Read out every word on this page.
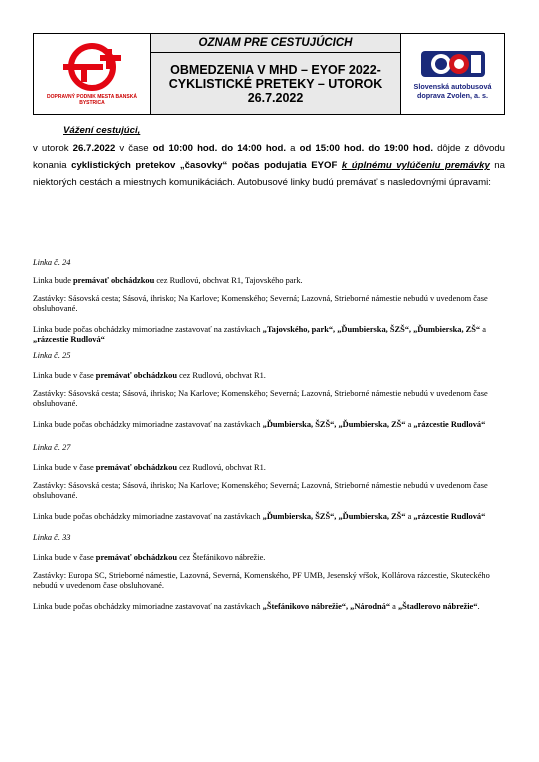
DOPRAVNÝ PODNIK MESTA BANSKÁ BYSTRICA
OZNAM PRE CESTUJÚCICH
OBMEDZENIA V MHD – EYOF 2022- CYKLISTICKÉ PRETEKY – UTOROK 26.7.2022
Slovenská autobusová doprava Zvolen, a. s.
Vážení cestujúci,
v utorok 26.7.2022 v čase od 10:00 hod. do 14:00 hod. a od 15:00 hod. do 19:00 hod. dôjde z dôvodu konania cyklistických pretekov „časovky“ počas podujatia EYOF k úplnému vylúčeniu premávky na niektorých cestách a miestnych komunikáciách. Autobusové linky budú premávať s nasledovnými úpravami:
Linka č. 24
Linka bude premávať obchádzkou cez Rudlovú, obchvat R1, Tajovského park.
Zastávky: Sásovská cesta; Sásová, ihrisko; Na Karlove; Komenského; Severná; Lazovná, Strieborné námestie nebudú v uvedenom čase obsluhované.
Linka bude počas obchádzky mimoriadne zastavovať na zastávkach „Tajovského, park“, „Ďumbierska, ŠZŠ“, „Ďumbierska, ZŠ“ a „rázcestie Rudlová“
Linka č. 25
Linka bude v čase premávať obchádzkou cez Rudlovú, obchvat R1.
Zastávky: Sásovská cesta; Sásová, ihrisko; Na Karlove; Komenského; Severná; Lazovná, Strieborné námestie nebudú v uvedenom čase obsluhované.
Linka bude počas obchádzky mimoriadne zastavovať na zastávkach „Ďumbierska, ŠZŠ“, „Ďumbierska, ZŠ“ a „rázcestie Rudlová“
Linka č. 27
Linka bude v čase premávať obchádzkou cez Rudlovú, obchvat R1.
Zastávky: Sásovská cesta; Sásová, ihrisko; Na Karlove; Komenského; Severná; Lazovná, Strieborné námestie nebudú v uvedenom čase obsluhované.
Linka bude počas obchádzky mimoriadne zastavovať na zastávkach „Ďumbierska, ŠZŠ“, „Ďumbierska, ZŠ“ a „rázcestie Rudlová“
Linka č. 33
Linka bude v čase premávať obchádzkou cez Štefánikovo nábrežie.
Zastávky: Europa SC, Strieborné námestie, Lazovná, Severná, Komenského, PF UMB, Jesenský vŕšok, Kollárova rázcestie, Skuteckého nebudú v uvedenom čase obsluhované.
Linka bude počas obchádzky mimoriadne zastavovať na zastávkach „Štefánikovo nábrežie“, „Národná“ a „Štadlerovo nábrežie“.
